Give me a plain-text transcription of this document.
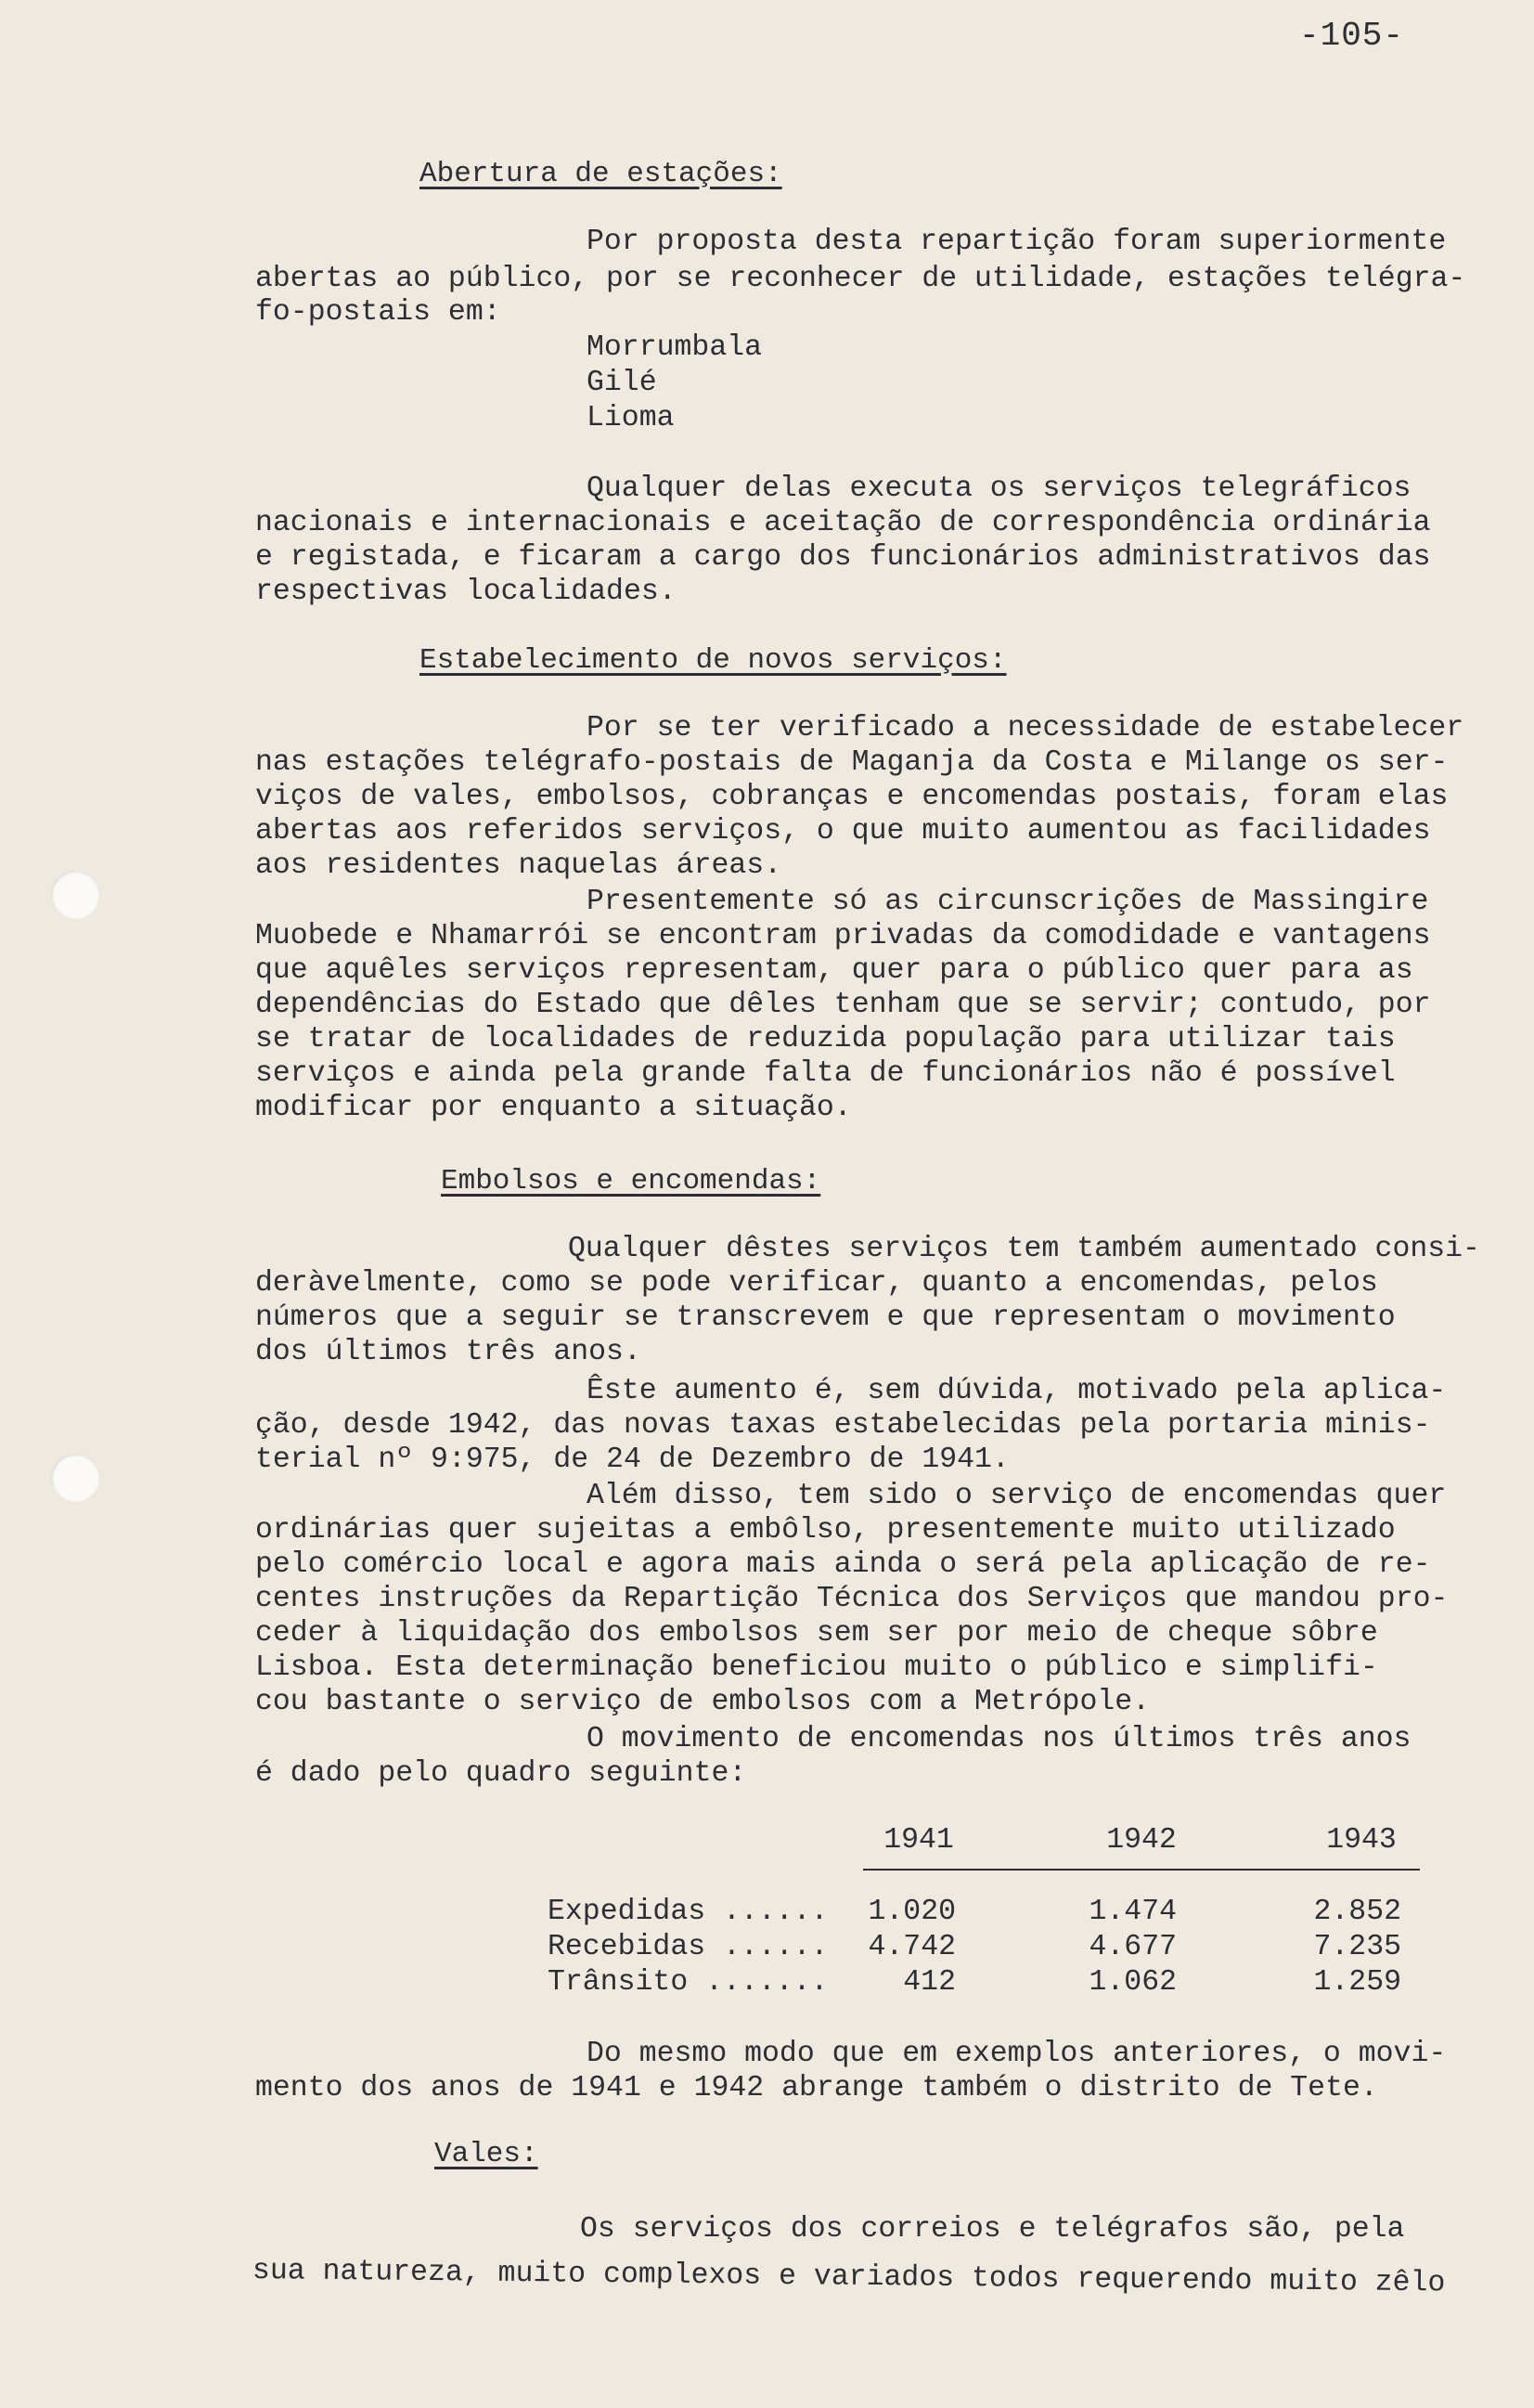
-105-
Abertura de estações:
Por proposta desta repartição foram superiormente
abertas ao público, por se reconhecer de utilidade, estações telégra-
fo-postais em:
Morrumbala
Gilé
Lioma
Qualquer delas executa os serviços telegráficos
nacionais e internacionais e aceitação de correspondência ordinária
e registada, e ficaram a cargo dos funcionários administrativos das
respectivas localidades.
Estabelecimento de novos serviços:
Por se ter verificado a necessidade de estabelecer
nas estações telégrafo-postais de Maganja da Costa e Milange os ser-
viços de vales, embolsos, cobranças e encomendas postais, foram elas
abertas aos referidos serviços, o que muito aumentou as facilidades
aos residentes naquelas áreas.
Presentemente só as circunscrições de Massingire
Muobede e Nhamarrói se encontram privadas da comodidade e vantagens
que aquêles serviços representam, quer para o público quer para as
dependências do Estado que dêles tenham que se servir; contudo, por
se tratar de localidades de reduzida população para utilizar tais
serviços e ainda pela grande falta de funcionários não é possível
modificar por enquanto a situação.
Embolsos e encomendas:
Qualquer dêstes serviços tem também aumentado consi-
deràvelmente, como se pode verificar, quanto a encomendas, pelos
números que a seguir se transcrevem e que representam o movimento
dos últimos três anos.
Êste aumento é, sem dúvida, motivado pela aplica-
ção, desde 1942, das novas taxas estabelecidas pela portaria minis-
terial nº 9:975, de 24 de Dezembro de 1941.
Além disso, tem sido o serviço de encomendas quer
ordinárias quer sujeitas a embôlso, presentemente muito utilizado
pelo comércio local e agora mais ainda o será pela aplicação de re-
centes instruções da Repartição Técnica dos Serviços que mandou pro-
ceder à liquidação dos embolsos sem ser por meio de cheque sôbre
Lisboa. Esta determinação beneficiou muito o público e simplifi-
cou bastante o serviço de embolsos com a Metrópole.
O movimento de encomendas nos últimos três anos
é dado pelo quadro seguinte:
1941	1942	1943
Expedidas ......	1.020	1.474	2.852
Recebidas ......	4.742	4.677	7.235
Trânsito .......	412	1.062	1.259
Do mesmo modo que em exemplos anteriores, o movi-
mento dos anos de 1941 e 1942 abrange também o distrito de Tete.
Vales:
Os serviços dos correios e telégrafos são, pela
sua natureza, muito complexos e variados todos requerendo muito zêlo
